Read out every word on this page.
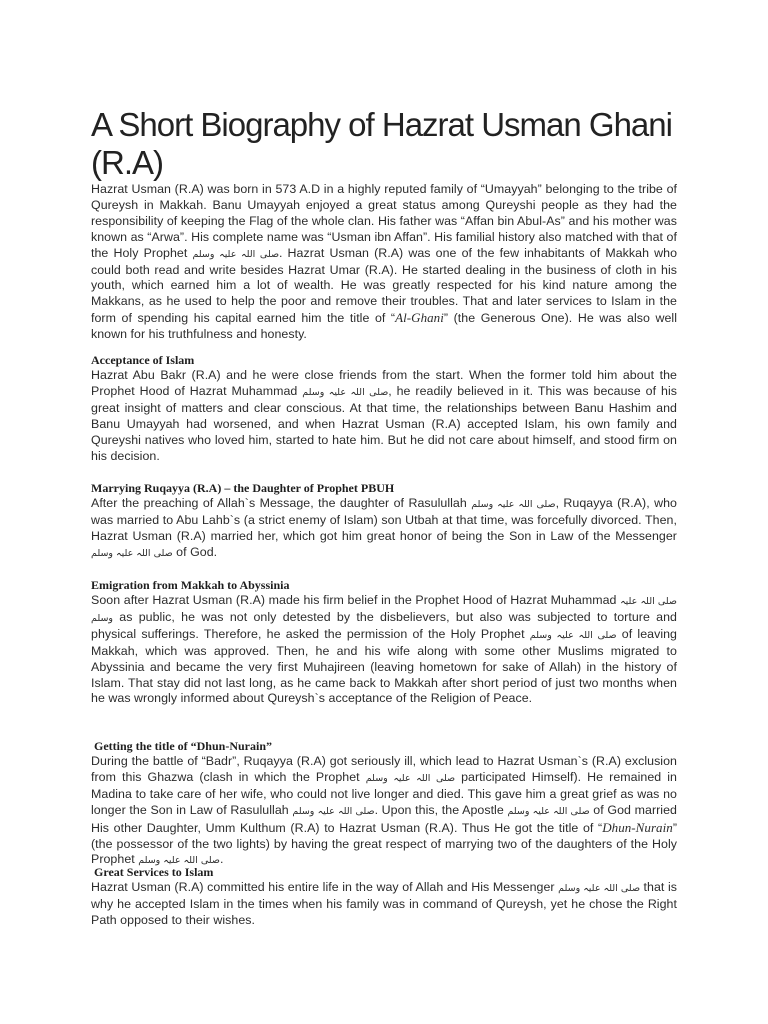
A Short Biography of Hazrat Usman Ghani (R.A)

Hazrat Usman (R.A) was born in 573 A.D in a highly reputed family of “Umayyah” belonging to the tribe of Qureysh in Makkah. Banu Umayyah enjoyed a great status among Qureyshi people as they had the responsibility of keeping the Flag of the whole clan. His father was “Affan bin Abul-As” and his mother was known as “Arwa”. His complete name was “Usman ibn Affan”. His familial history also matched with that of the Holy Prophet صلی اللہ علیہ وسلم. Hazrat Usman (R.A) was one of the few inhabitants of Makkah who could both read and write besides Hazrat Umar (R.A). He started dealing in the business of cloth in his youth, which earned him a lot of wealth. He was greatly respected for his kind nature among the Makkans, as he used to help the poor and remove their troubles. That and later services to Islam in the form of spending his capital earned him the title of “Al-Ghani” (the Generous One). He was also well known for his truthfulness and honesty.

Acceptance of Islam

Hazrat Abu Bakr (R.A) and he were close friends from the start. When the former told him about the Prophet Hood of Hazrat Muhammad صلی اللہ علیہ وسلم, he readily believed in it. This was because of his great insight of matters and clear conscious. At that time, the relationships between Banu Hashim and Banu Umayyah had worsened, and when Hazrat Usman (R.A) accepted Islam, his own family and Qureyshi natives who loved him, started to hate him. But he did not care about himself, and stood firm on his decision.

Marrying Ruqayya (R.A) – the Daughter of Prophet PBUH

After the preaching of Allah`s Message, the daughter of Rasulullah صلی اللہ علیہ وسلم, Ruqayya (R.A), who was married to Abu Lahb`s (a strict enemy of Islam) son Utbah at that time, was forcefully divorced. Then, Hazrat Usman (R.A) married her, which got him great honor of being the Son in Law of the Messenger صلی اللہ علیہ وسلم of God.

Emigration from Makkah to Abyssinia

Soon after Hazrat Usman (R.A) made his firm belief in the Prophet Hood of Hazrat Muhammad صلی اللہ علیہ وسلم as public, he was not only detested by the disbelievers, but also was subjected to torture and physical sufferings. Therefore, he asked the permission of the Holy Prophet صلی اللہ علیہ وسلم of leaving Makkah, which was approved. Then, he and his wife along with some other Muslims migrated to Abyssinia and became the very first Muhajireen (leaving hometown for sake of Allah) in the history of Islam. That stay did not last long, as he came back to Makkah after short period of just two months when he was wrongly informed about Qureysh`s acceptance of the Religion of Peace.

Getting the title of “Dhun-Nurain”

During the battle of “Badr”, Ruqayya (R.A) got seriously ill, which lead to Hazrat Usman`s (R.A) exclusion from this Ghazwa (clash in which the Prophet صلی اللہ علیہ وسلم participated Himself). He remained in Madina to take care of her wife, who could not live longer and died. This gave him a great grief as was no longer the Son in Law of Rasulullah صلی اللہ علیہ وسلم. Upon this, the Apostle صلی اللہ علیہ وسلم of God married His other Daughter, Umm Kulthum (R.A) to Hazrat Usman (R.A). Thus He got the title of “Dhun-Nurain” (the possessor of the two lights) by having the great respect of marrying two of the daughters of the Holy Prophet صلی اللہ علیہ وسلم.

Great Services to Islam

Hazrat Usman (R.A) committed his entire life in the way of Allah and His Messenger صلی اللہ علیہ وسلم that is why he accepted Islam in the times when his family was in command of Qureysh, yet he chose the Right Path opposed to their wishes.
